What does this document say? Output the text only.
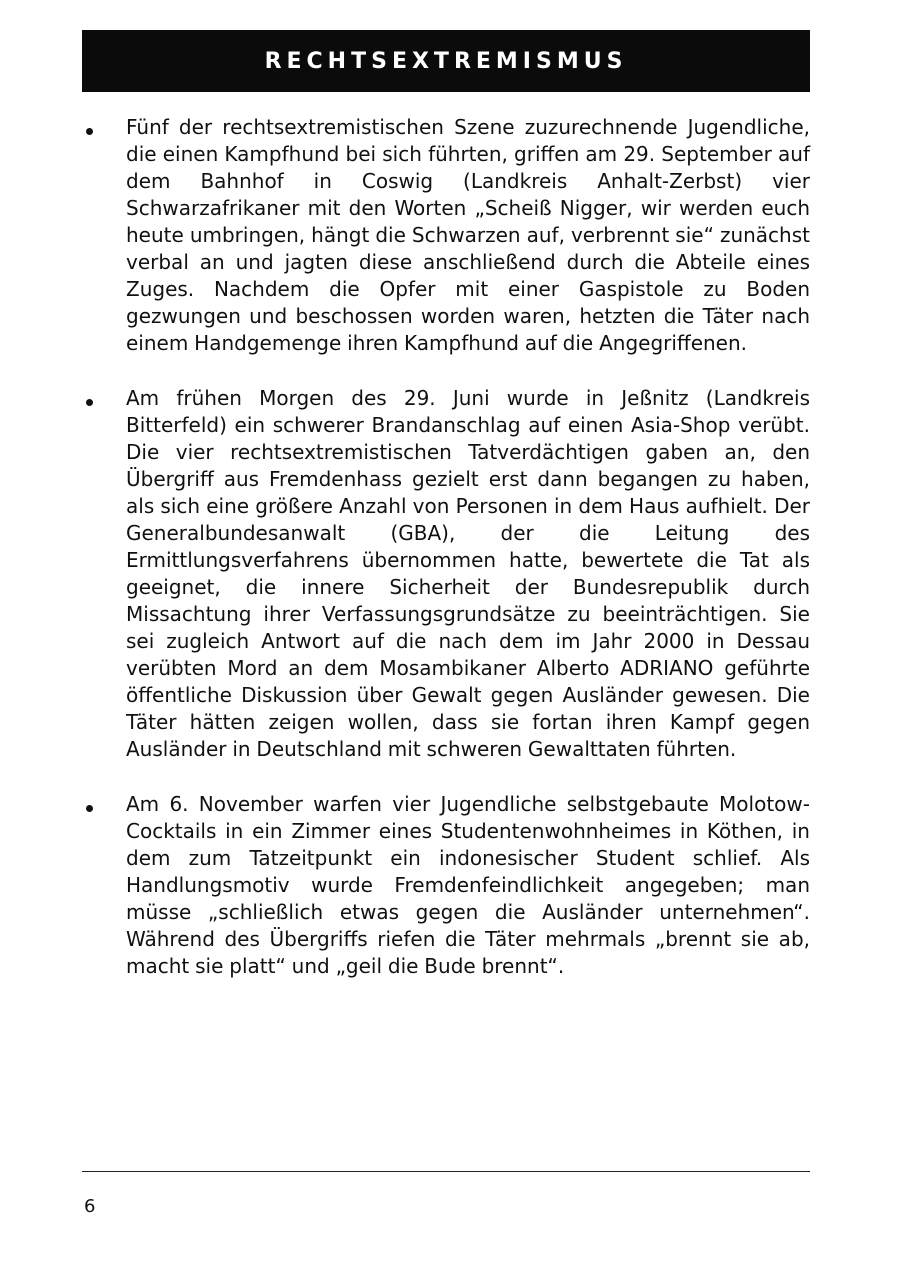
RECHTSEXTREMISMUS
Fünf der rechtsextremistischen Szene zuzurechnende Jugendliche, die einen Kampfhund bei sich führten, griffen am 29. September auf dem Bahnhof in Coswig (Landkreis Anhalt-Zerbst) vier Schwarzafrikaner mit den Worten „Scheiß Nigger, wir werden euch heute umbringen, hängt die Schwarzen auf, verbrennt sie“ zunächst verbal an und jagten diese anschließend durch die Abteile eines Zuges. Nachdem die Opfer mit einer Gaspistole zu Boden gezwungen und beschossen worden waren, hetzten die Täter nach einem Handgemenge ihren Kampfhund auf die Angegriffenen.
Am frühen Morgen des 29. Juni wurde in Jeßnitz (Landkreis Bitterfeld) ein schwerer Brandanschlag auf einen Asia-Shop verübt. Die vier rechtsextremistischen Tatverdächtigen gaben an, den Übergriff aus Fremdenhass gezielt erst dann begangen zu haben, als sich eine größere Anzahl von Personen in dem Haus aufhielt. Der Generalbundesanwalt (GBA), der die Leitung des Ermittlungsverfahrens übernommen hatte, bewertete die Tat als geeignet, die innere Sicherheit der Bundesrepublik durch Missachtung ihrer Verfassungsgrundsätze zu beeinträchtigen. Sie sei zugleich Antwort auf die nach dem im Jahr 2000 in Dessau verübten Mord an dem Mosambikaner Alberto ADRIANO geführte öffentliche Diskussion über Gewalt gegen Ausländer gewesen. Die Täter hätten zeigen wollen, dass sie fortan ihren Kampf gegen Ausländer in Deutschland mit schweren Gewalttaten führten.
Am 6. November warfen vier Jugendliche selbstgebaute Molotow-Cocktails in ein Zimmer eines Studentenwohnheimes in Köthen, in dem zum Tatzeitpunkt ein indonesischer Student schlief. Als Handlungsmotiv wurde Fremdenfeindlichkeit angegeben; man müsse „schließlich etwas gegen die Ausländer unternehmen“. Während des Übergriffs riefen die Täter mehrmals „brennt sie ab, macht sie platt“ und „geil die Bude brennt“.
6
